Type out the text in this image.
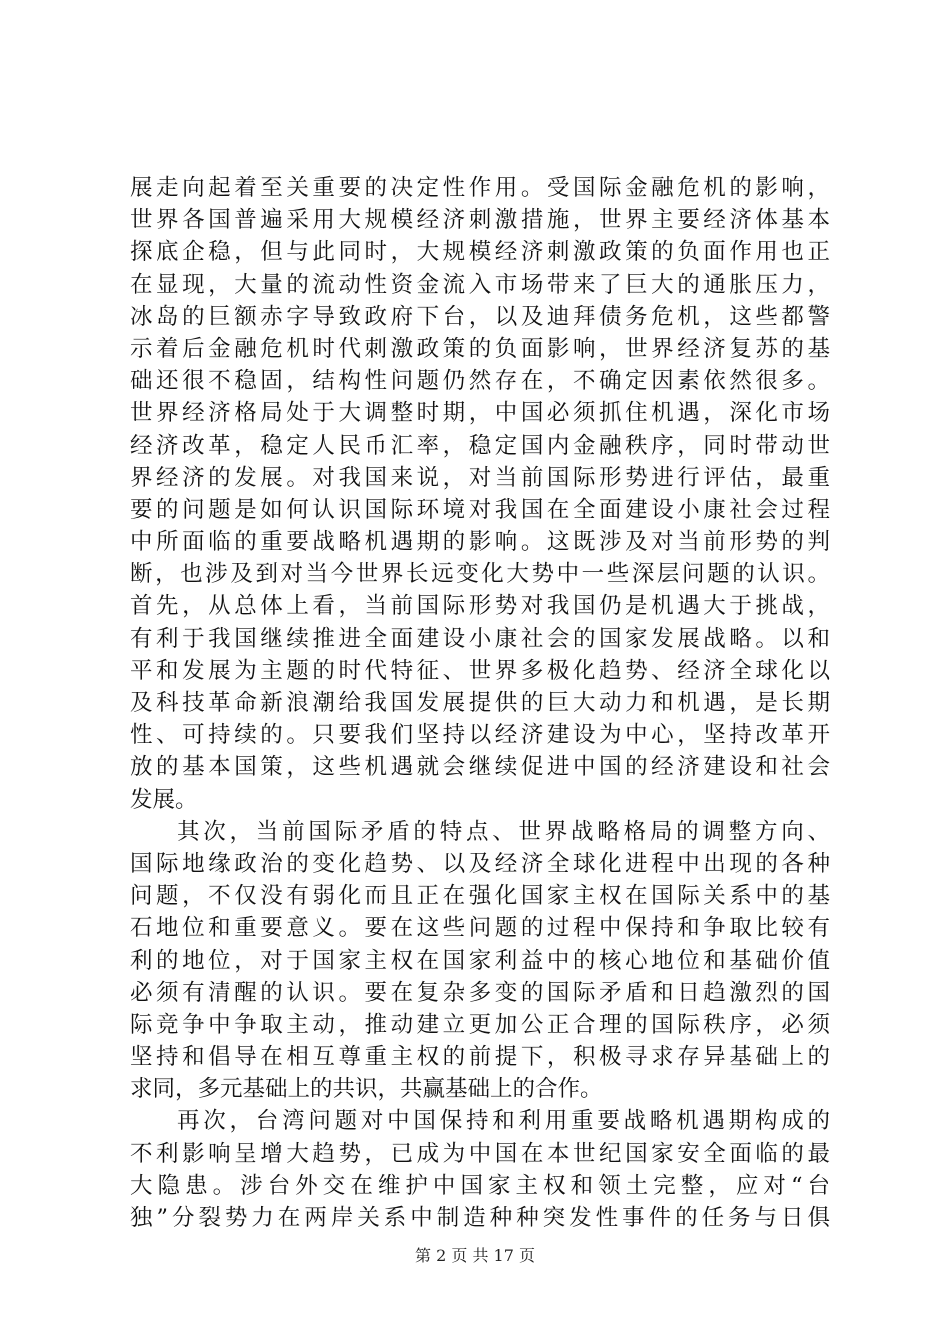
展走向起着至关重要的决定性作用。受国际金融危机的影响，
世界各国普遍采用大规模经济刺激措施，世界主要经济体基本
探底企稳，但与此同时，大规模经济刺激政策的负面作用也正
在显现，大量的流动性资金流入市场带来了巨大的通胀压力，
冰岛的巨额赤字导致政府下台，以及迪拜债务危机，这些都警
示着后金融危机时代刺激政策的负面影响，世界经济复苏的基
础还很不稳固，结构性问题仍然存在，不确定因素依然很多。
世界经济格局处于大调整时期，中国必须抓住机遇，深化市场
经济改革，稳定人民币汇率，稳定国内金融秩序，同时带动世
界经济的发展。对我国来说，对当前国际形势进行评估，最重
要的问题是如何认识国际环境对我国在全面建设小康社会过程
中所面临的重要战略机遇期的影响。这既涉及对当前形势的判
断，也涉及到对当今世界长远变化大势中一些深层问题的认识。
首先，从总体上看，当前国际形势对我国仍是机遇大于挑战，
有利于我国继续推进全面建设小康社会的国家发展战略。以和
平和发展为主题的时代特征、世界多极化趋势、经济全球化以
及科技革命新浪潮给我国发展提供的巨大动力和机遇，是长期
性、可持续的。只要我们坚持以经济建设为中心，坚持改革开
放的基本国策，这些机遇就会继续促进中国的经济建设和社会
发展。
其次，当前国际矛盾的特点、世界战略格局的调整方向、
国际地缘政治的变化趋势、以及经济全球化进程中出现的各种
问题，不仅没有弱化而且正在强化国家主权在国际关系中的基
石地位和重要意义。要在这些问题的过程中保持和争取比较有
利的地位，对于国家主权在国家利益中的核心地位和基础价值
必须有清醒的认识。要在复杂多变的国际矛盾和日趋激烈的国
际竞争中争取主动，推动建立更加公正合理的国际秩序，必须
坚持和倡导在相互尊重主权的前提下，积极寻求存异基础上的
求同，多元基础上的共识，共赢基础上的合作。
再次，台湾问题对中国保持和利用重要战略机遇期构成的
不利影响呈增大趋势，已成为中国在本世纪国家安全面临的最
大隐患。涉台外交在维护中国家主权和领土完整，应对“台
独”分裂势力在两岸关系中制造种种突发性事件的任务与日俱
第 2 页 共 17 页
